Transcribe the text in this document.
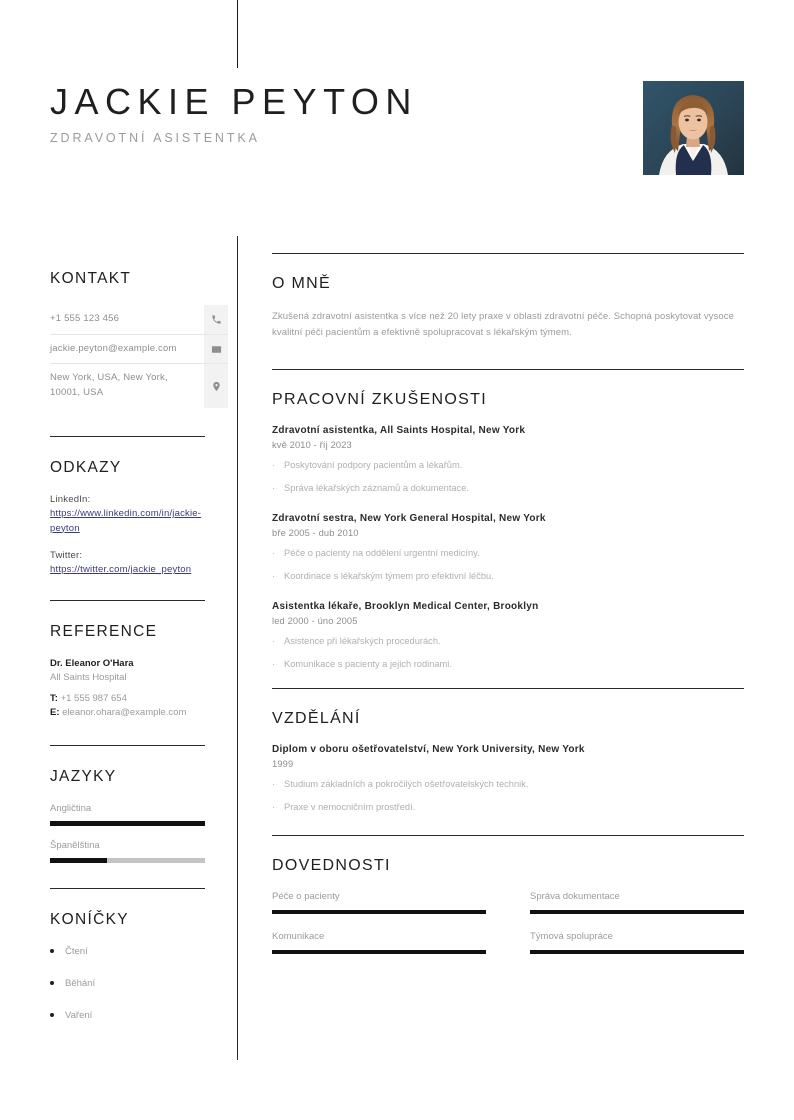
JACKIE PEYTON
ZDRAVOTNÍ ASISTENTKA
KONTAKT
+1 555 123 456
jackie.peyton@example.com
New York, USA, New York, 10001, USA
ODKAZY
LinkedIn:
https://www.linkedin.com/in/jackie-peyton
Twitter:
https://twitter.com/jackie_peyton
REFERENCE
Dr. Eleanor O'Hara
All Saints Hospital
T: +1 555 987 654
E: eleanor.ohara@example.com
JAZYKY
Angličtina
Španělština
KONÍČKY
Čtení
Běhání
Vaření
O MNĚ
Zkušená zdravotní asistentka s více než 20 lety praxe v oblasti zdravotní péče. Schopná poskytovat vysoce kvalitní péči pacientům a efektivně spolupracovat s lékařským týmem.
PRACOVNÍ ZKUŠENOSTI
Zdravotní asistentka, All Saints Hospital, New York
kvě 2010 - říj 2023
· Poskytování podpory pacientům a lékařům.
· Správa lékařských záznamů a dokumentace.
Zdravotní sestra, New York General Hospital, New York
bře 2005 - dub 2010
· Péče o pacienty na oddělení urgentní medicíny.
· Koordinace s lékařským týmem pro efektivní léčbu.
Asistentka lékaře, Brooklyn Medical Center, Brooklyn
led 2000 - úno 2005
· Asistence při lékařských procedurách.
· Komunikace s pacienty a jejich rodinami.
VZDĚLÁNÍ
Diplom v oboru ošetřovatelství, New York University, New York
1999
· Studium základních a pokročilých ošetřovatelských technik.
· Praxe v nemocničním prostředí.
DOVEDNOSTI
Péče o pacienty	Správa dokumentace
Komunikace	Týmová spolupráce
